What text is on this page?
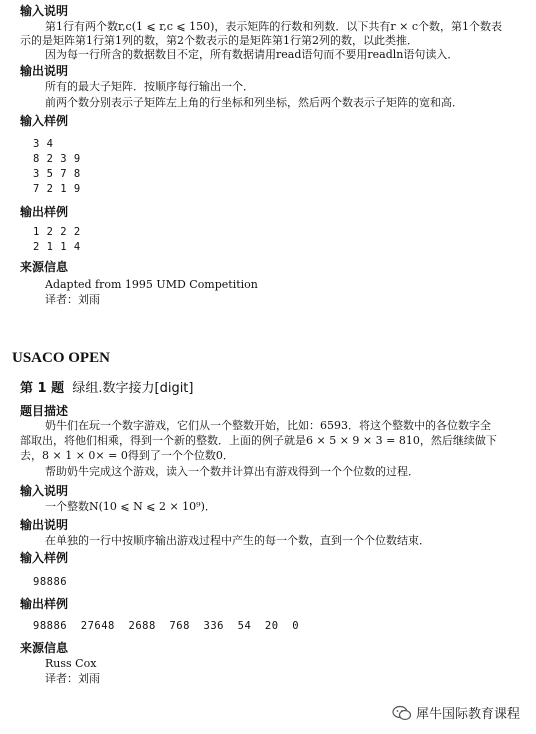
输入说明
第1行有两个数r,c(1 ⩽ r,c ⩽ 150)，表示矩阵的行数和列数．以下共有r × c个数，第1个数表
示的是矩阵第1行第1列的数，第2个数表示的是矩阵第1行第2列的数，以此类推．
因为每一行所含的数据数目不定，所有数据请用read语句而不要用readln语句读入．
输出说明
所有的最大子矩阵．按顺序每行输出一个．
前两个数分别表示子矩阵左上角的行坐标和列坐标，然后两个数表示子矩阵的宽和高．
输入样例
3 4
8 2 3 9
3 5 7 8
7 2 1 9
输出样例
1 2 2 2
2 1 1 4
来源信息
Adapted from 1995 UMD Competition
译者：刘雨
USACO OPEN
第 1 题 绿组.数字接力[digit]
题目描述
奶牛们在玩一个数字游戏，它们从一个整数开始，比如：6593．将这个整数中的各位数字全
部取出，将他们相乘，得到一个新的整数．上面的例子就是6 × 5 × 9 × 3 = 810，然后继续做下
去，8 × 1 × 0× = 0得到了一个个位数0．
帮助奶牛完成这个游戏，读入一个数并计算出有游戏得到一个个位数的过程．
输入说明
一个整数N(10 ⩽ N ⩽ 2 × 10⁹)．
输出说明
在单独的一行中按顺序输出游戏过程中产生的每一个数，直到一个个位数结束．
输入样例
98886
输出样例
98886  27648  2688  768  336  54  20  0
来源信息
Russ Cox
译者：刘雨
犀牛国际教育课程
